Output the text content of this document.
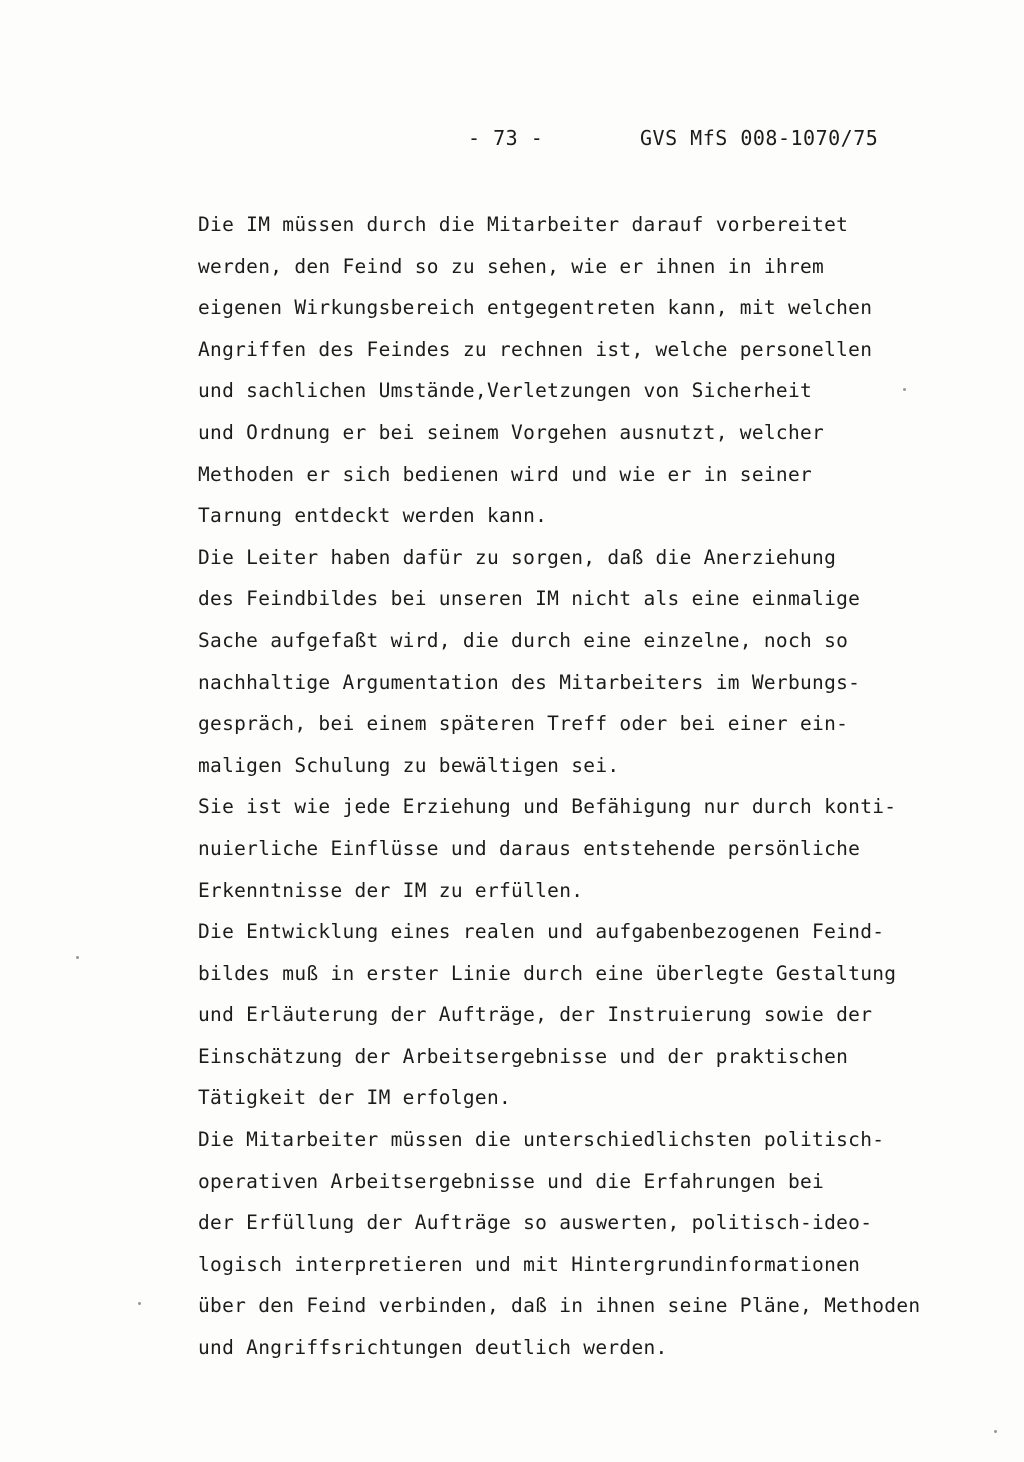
- 73 -	GVS MfS 008-1070/75
Die IM müssen durch die Mitarbeiter darauf vorbereitet
werden, den Feind so zu sehen, wie er ihnen in ihrem
eigenen Wirkungsbereich entgegentreten kann, mit welchen
Angriffen des Feindes zu rechnen ist, welche personellen
und sachlichen Umstände,Verletzungen von Sicherheit
und Ordnung er bei seinem Vorgehen ausnutzt, welcher
Methoden er sich bedienen wird und wie er in seiner
Tarnung entdeckt werden kann.
Die Leiter haben dafür zu sorgen, daß die Anerziehung
des Feindbildes bei unseren IM nicht als eine einmalige
Sache aufgefaßt wird, die durch eine einzelne, noch so
nachhaltige Argumentation des Mitarbeiters im Werbungs-
gespräch, bei einem späteren Treff oder bei einer ein-
maligen Schulung zu bewältigen sei.
Sie ist wie jede Erziehung und Befähigung nur durch konti-
nuierliche Einflüsse und daraus entstehende persönliche
Erkenntnisse der IM zu erfüllen.
Die Entwicklung eines realen und aufgabenbezogenen Feind-
bildes muß in erster Linie durch eine überlegte Gestaltung
und Erläuterung der Aufträge, der Instruierung sowie der
Einschätzung der Arbeitsergebnisse und der praktischen
Tätigkeit der IM erfolgen.
Die Mitarbeiter müssen die unterschiedlichsten politisch-
operativen Arbeitsergebnisse und die Erfahrungen bei
der Erfüllung der Aufträge so auswerten, politisch-ideo-
logisch interpretieren und mit Hintergrundinformationen
über den Feind verbinden, daß in ihnen seine Pläne, Methoden
und Angriffsrichtungen deutlich werden.
